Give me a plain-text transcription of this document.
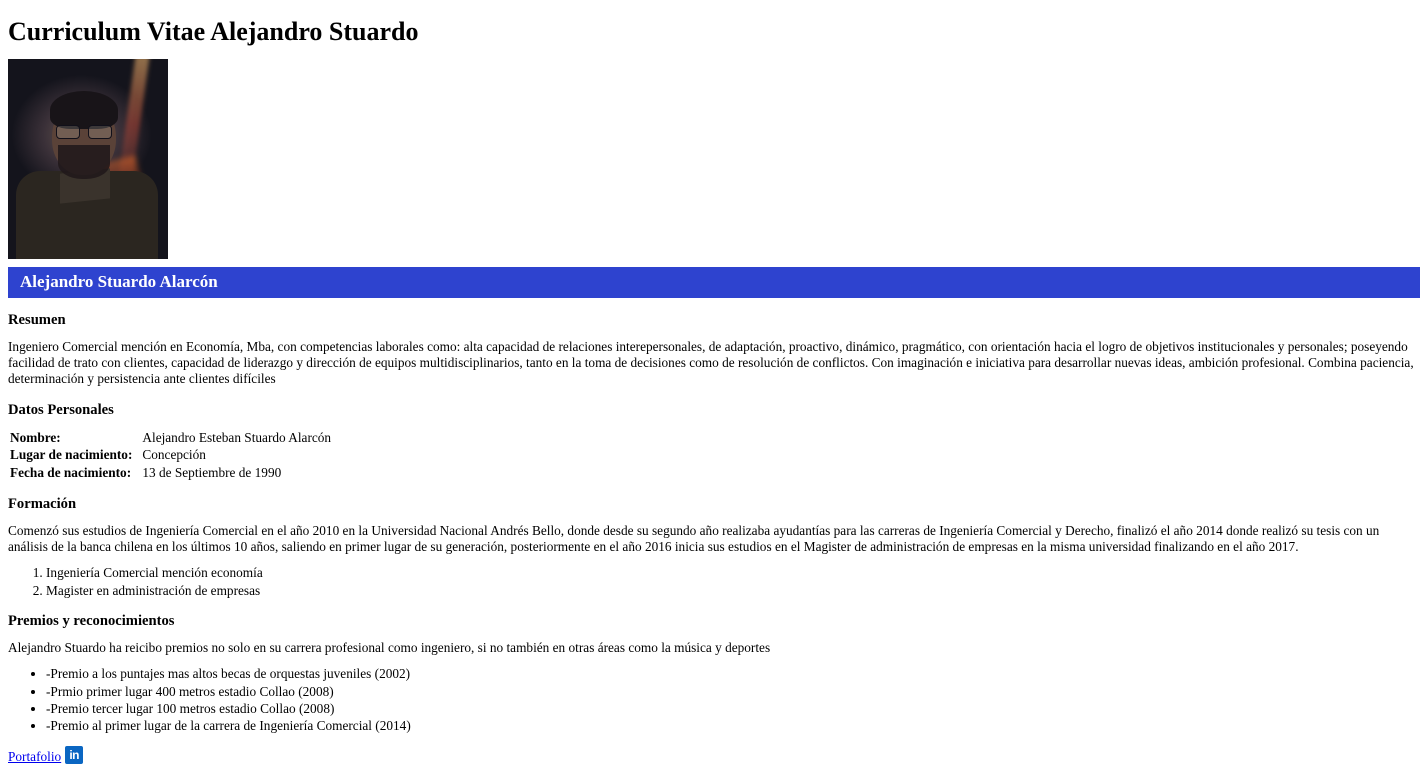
Curriculum Vitae Alejandro Stuardo
Alejandro Stuardo Alarcón
Resumen

Ingeniero Comercial mención en Economía, Mba, con competencias laborales como: alta capacidad de relaciones interepersonales, de adaptación, proactivo, dinámico, pragmático, con orientación hacia el logro de objetivos institucionales y personales; poseyendo facilidad de trato con clientes, capacidad de liderazgo y dirección de equipos multidisciplinarios, tanto en la toma de decisiones como de resolución de conflictos. Con imaginación e iniciativa para desarrollar nuevas ideas, ambición profesional. Combina paciencia, determinación y persistencia ante clientes difíciles

Datos Personales
Nombre:	Alejandro Esteban Stuardo Alarcón
Lugar de nacimiento:	Concepción
Fecha de nacimiento:	13 de Septiembre de 1990
Formación

Comenzó sus estudios de Ingeniería Comercial en el año 2010 en la Universidad Nacional Andrés Bello, donde desde su segundo año realizaba ayudantías para las carreras de Ingeniería Comercial y Derecho, finalizó el año 2014 donde realizó su tesis con un análisis de la banca chilena en los últimos 10 años, saliendo en primer lugar de su generación, posteriormente en el año 2016 inicia sus estudios en el Magister de administración de empresas en la misma universidad finalizando en el año 2017.

1. Ingeniería Comercial mención economía
2. Magister en administración de empresas
Premios y reconocimientos

Alejandro Stuardo ha reicibo premios no solo en su carrera profesional como ingeniero, si no también en otras áreas como la música y deportes

• -Premio a los puntajes mas altos becas de orquestas juveniles (2002)
• -Prmio primer lugar 400 metros estadio Collao (2008)
• -Premio tercer lugar 100 metros estadio Collao (2008)
• -Premio al primer lugar de la carrera de Ingeniería Comercial (2014)
Portafolio in
